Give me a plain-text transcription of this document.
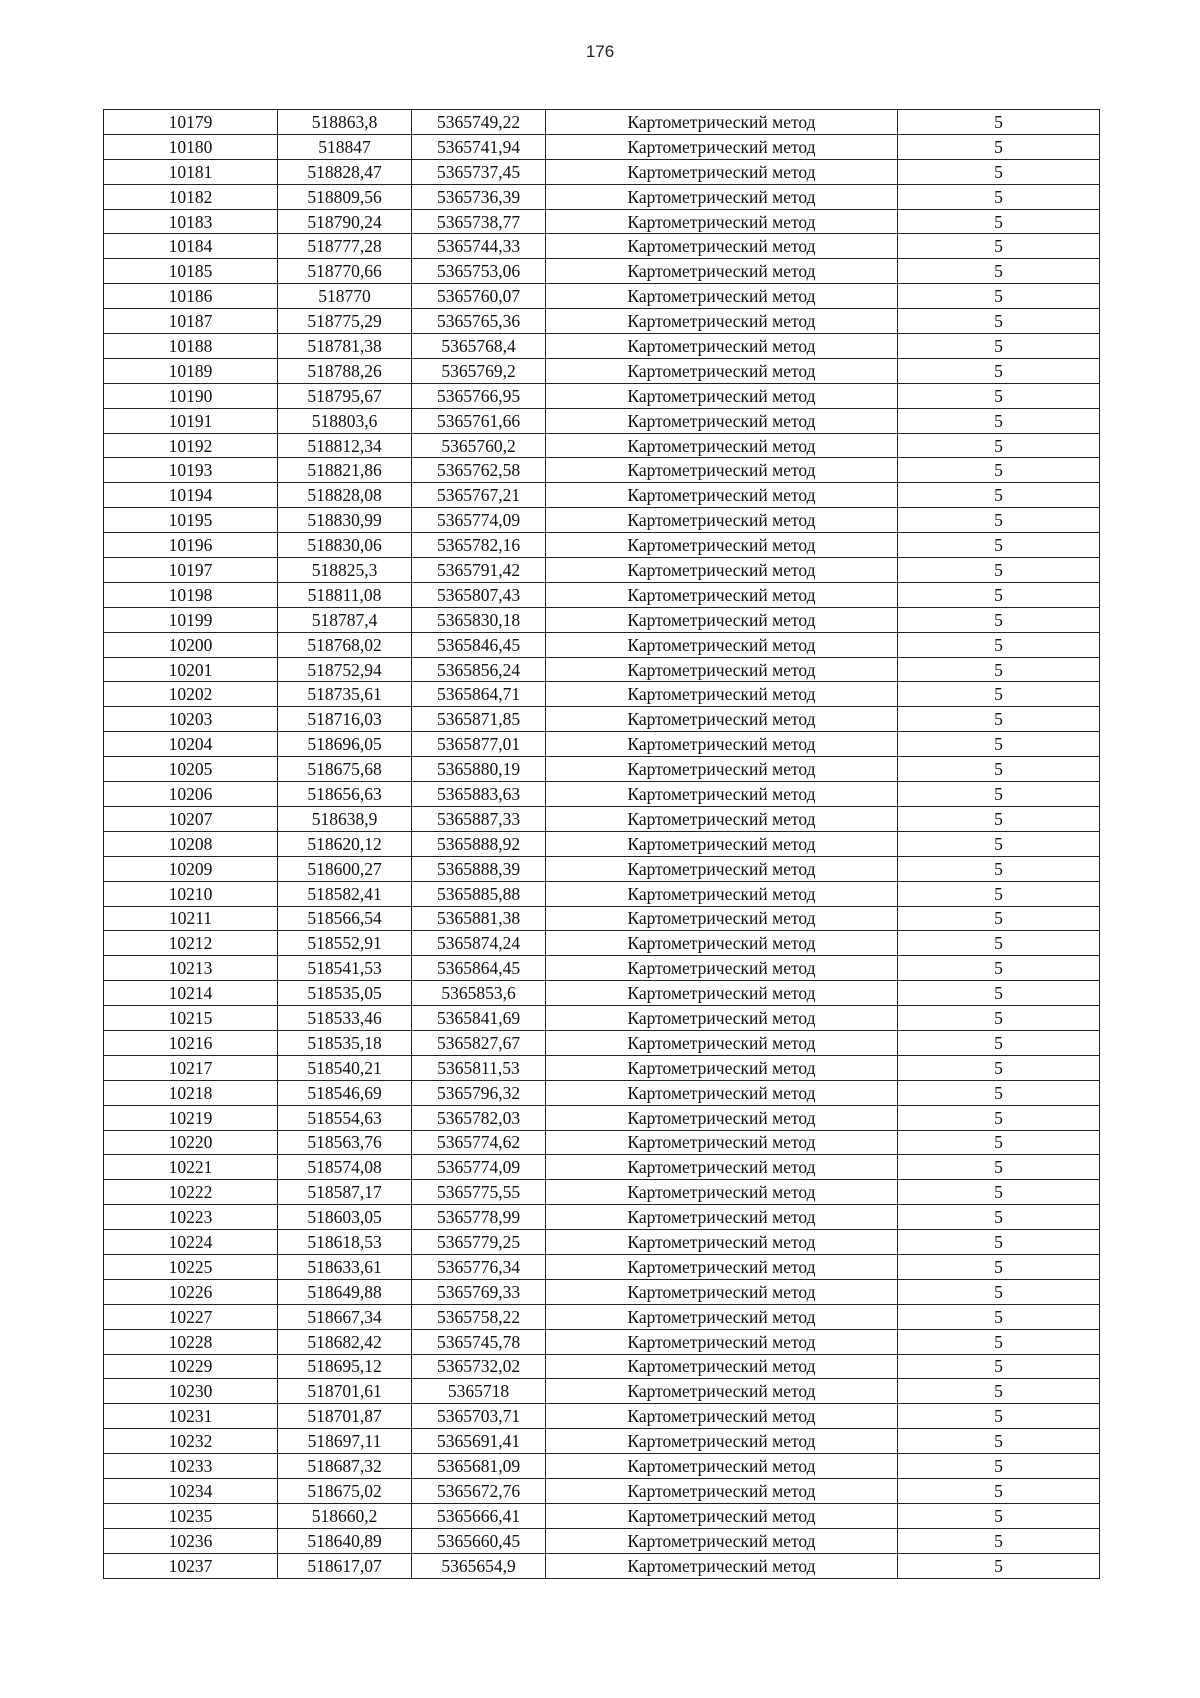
176
10179	518863,8	5365749,22	Картометрический метод	5
10180	518847	5365741,94	Картометрический метод	5
10181	518828,47	5365737,45	Картометрический метод	5
10182	518809,56	5365736,39	Картометрический метод	5
10183	518790,24	5365738,77	Картометрический метод	5
10184	518777,28	5365744,33	Картометрический метод	5
10185	518770,66	5365753,06	Картометрический метод	5
10186	518770	5365760,07	Картометрический метод	5
10187	518775,29	5365765,36	Картометрический метод	5
10188	518781,38	5365768,4	Картометрический метод	5
10189	518788,26	5365769,2	Картометрический метод	5
10190	518795,67	5365766,95	Картометрический метод	5
10191	518803,6	5365761,66	Картометрический метод	5
10192	518812,34	5365760,2	Картометрический метод	5
10193	518821,86	5365762,58	Картометрический метод	5
10194	518828,08	5365767,21	Картометрический метод	5
10195	518830,99	5365774,09	Картометрический метод	5
10196	518830,06	5365782,16	Картометрический метод	5
10197	518825,3	5365791,42	Картометрический метод	5
10198	518811,08	5365807,43	Картометрический метод	5
10199	518787,4	5365830,18	Картометрический метод	5
10200	518768,02	5365846,45	Картометрический метод	5
10201	518752,94	5365856,24	Картометрический метод	5
10202	518735,61	5365864,71	Картометрический метод	5
10203	518716,03	5365871,85	Картометрический метод	5
10204	518696,05	5365877,01	Картометрический метод	5
10205	518675,68	5365880,19	Картометрический метод	5
10206	518656,63	5365883,63	Картометрический метод	5
10207	518638,9	5365887,33	Картометрический метод	5
10208	518620,12	5365888,92	Картометрический метод	5
10209	518600,27	5365888,39	Картометрический метод	5
10210	518582,41	5365885,88	Картометрический метод	5
10211	518566,54	5365881,38	Картометрический метод	5
10212	518552,91	5365874,24	Картометрический метод	5
10213	518541,53	5365864,45	Картометрический метод	5
10214	518535,05	5365853,6	Картометрический метод	5
10215	518533,46	5365841,69	Картометрический метод	5
10216	518535,18	5365827,67	Картометрический метод	5
10217	518540,21	5365811,53	Картометрический метод	5
10218	518546,69	5365796,32	Картометрический метод	5
10219	518554,63	5365782,03	Картометрический метод	5
10220	518563,76	5365774,62	Картометрический метод	5
10221	518574,08	5365774,09	Картометрический метод	5
10222	518587,17	5365775,55	Картометрический метод	5
10223	518603,05	5365778,99	Картометрический метод	5
10224	518618,53	5365779,25	Картометрический метод	5
10225	518633,61	5365776,34	Картометрический метод	5
10226	518649,88	5365769,33	Картометрический метод	5
10227	518667,34	5365758,22	Картометрический метод	5
10228	518682,42	5365745,78	Картометрический метод	5
10229	518695,12	5365732,02	Картометрический метод	5
10230	518701,61	5365718	Картометрический метод	5
10231	518701,87	5365703,71	Картометрический метод	5
10232	518697,11	5365691,41	Картометрический метод	5
10233	518687,32	5365681,09	Картометрический метод	5
10234	518675,02	5365672,76	Картометрический метод	5
10235	518660,2	5365666,41	Картометрический метод	5
10236	518640,89	5365660,45	Картометрический метод	5
10237	518617,07	5365654,9	Картометрический метод	5
